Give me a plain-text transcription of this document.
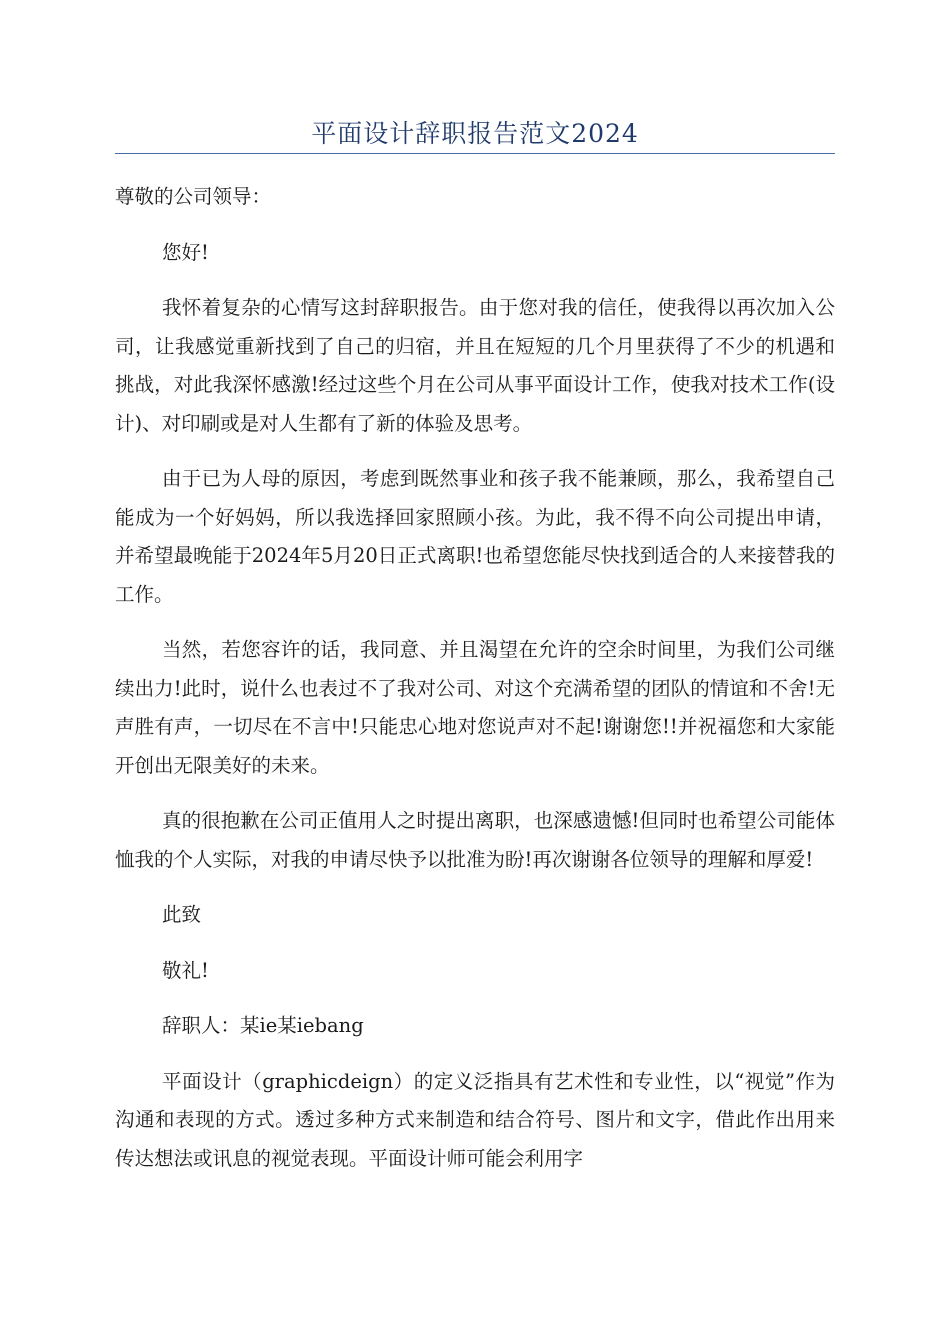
平面设计辞职报告范文2024

尊敬的公司领导：

您好!

我怀着复杂的心情写这封辞职报告。由于您对我的信任，使我得以再次加入公司，让我感觉重新找到了自己的归宿，并且在短短的几个月里获得了不少的机遇和挑战，对此我深怀感激!经过这些个月在公司从事平面设计工作，使我对技术工作(设计)、对印刷或是对人生都有了新的体验及思考。

由于已为人母的原因，考虑到既然事业和孩子我不能兼顾，那么，我希望自己能成为一个好妈妈，所以我选择回家照顾小孩。为此，我不得不向公司提出申请，并希望最晚能于2024年5月20日正式离职!也希望您能尽快找到适合的人来接替我的工作。

当然，若您容许的话，我同意、并且渴望在允许的空余时间里，为我们公司继续出力!此时，说什么也表过不了我对公司、对这个充满希望的团队的情谊和不舍!无声胜有声，一切尽在不言中!只能忠心地对您说声对不起!谢谢您!!并祝福您和大家能开创出无限美好的未来。

真的很抱歉在公司正值用人之时提出离职，也深感遗憾!但同时也希望公司能体恤我的个人实际，对我的申请尽快予以批准为盼!再次谢谢各位领导的理解和厚爱!

此致

敬礼!

辞职人：某ie某iebang

平面设计（graphicdeign）的定义泛指具有艺术性和专业性，以“视觉”作为沟通和表现的方式。透过多种方式来制造和结合符号、图片和文字，借此作出用来传达想法或讯息的视觉表现。平面设计师可能会利用字
